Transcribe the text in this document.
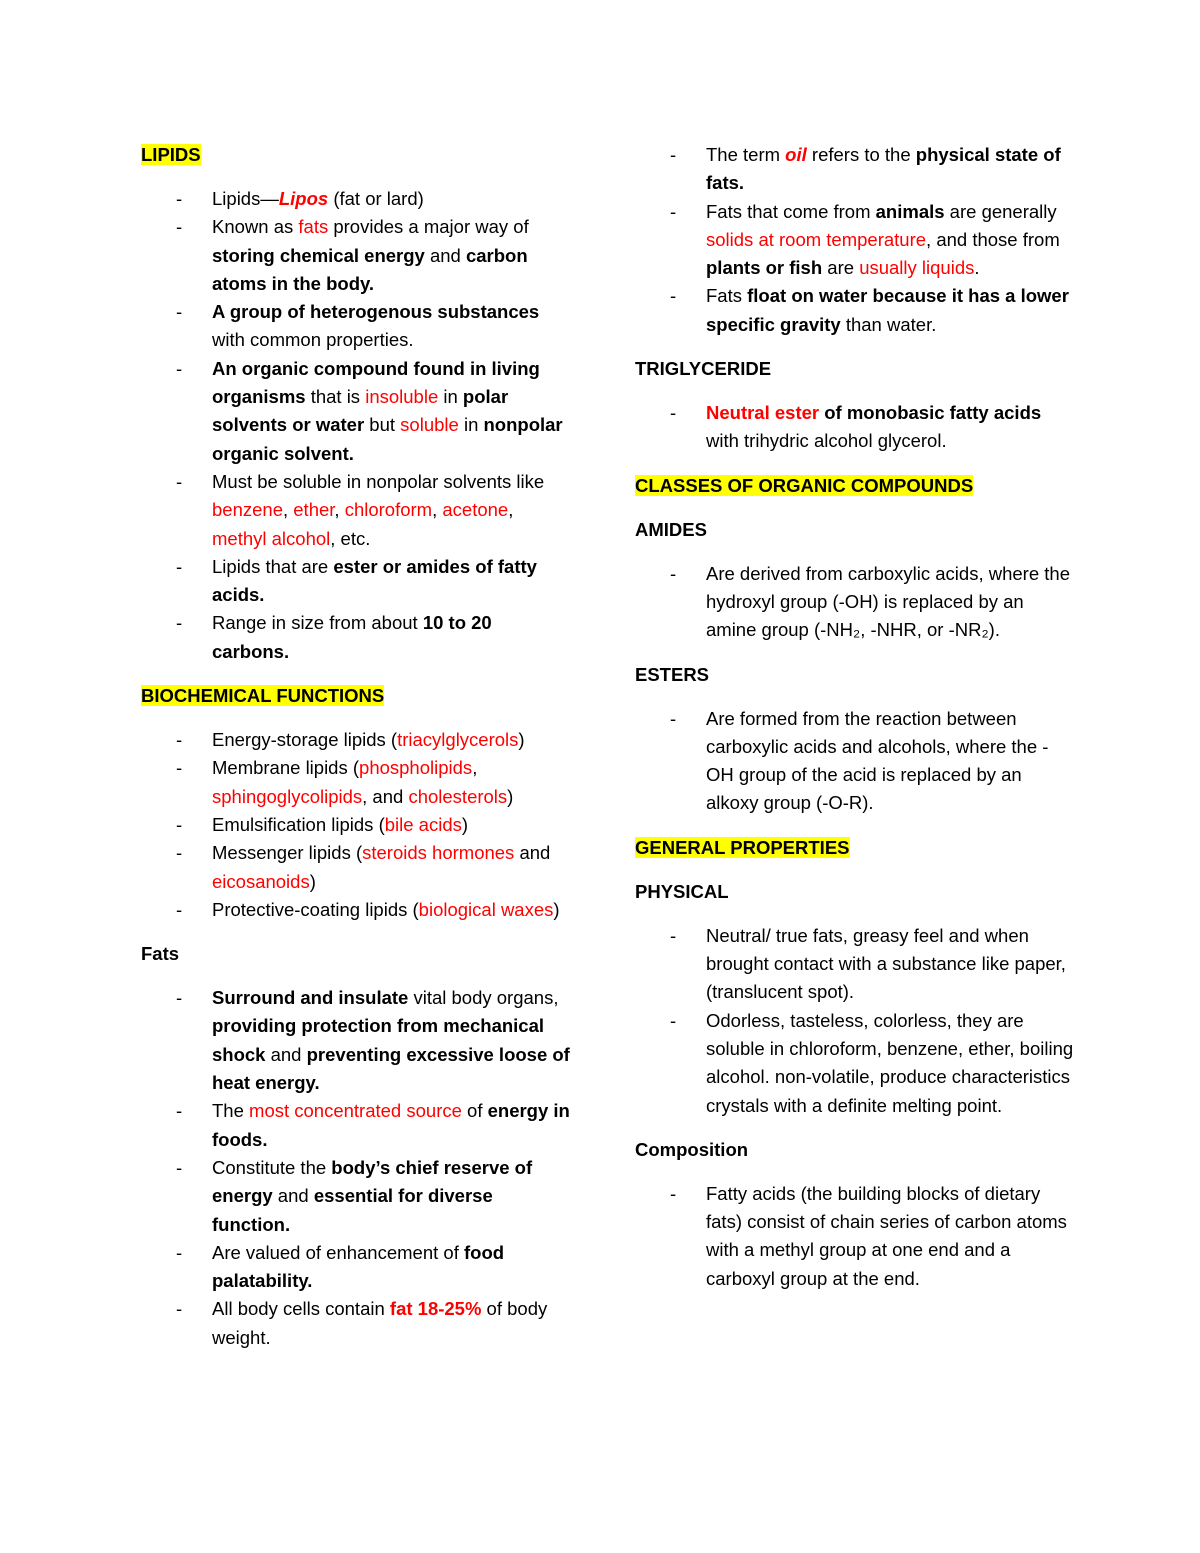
LIPIDS
- Lipids—Lipos (fat or lard)
- Known as fats provides a major way of storing chemical energy and carbon atoms in the body.
- A group of heterogenous substances with common properties.
- An organic compound found in living organisms that is insoluble in polar solvents or water but soluble in nonpolar organic solvent.
- Must be soluble in nonpolar solvents like benzene, ether, chloroform, acetone, methyl alcohol, etc.
- Lipids that are ester or amides of fatty acids.
- Range in size from about 10 to 20 carbons.
BIOCHEMICAL FUNCTIONS
- Energy-storage lipids (triacylglycerols)
- Membrane lipids (phospholipids, sphingoglycolipids, and cholesterols)
- Emulsification lipids (bile acids)
- Messenger lipids (steroids hormones and eicosanoids)
- Protective-coating lipids (biological waxes)
Fats
- Surround and insulate vital body organs, providing protection from mechanical shock and preventing excessive loose of heat energy.
- The most concentrated source of energy in foods.
- Constitute the body’s chief reserve of energy and essential for diverse function.
- Are valued of enhancement of food palatability.
- All body cells contain fat 18-25% of body weight.
- The term oil refers to the physical state of fats.
- Fats that come from animals are generally solids at room temperature, and those from plants or fish are usually liquids.
- Fats float on water because it has a lower specific gravity than water.
TRIGLYCERIDE
- Neutral ester of monobasic fatty acids with trihydric alcohol glycerol.
CLASSES OF ORGANIC COMPOUNDS
AMIDES
- Are derived from carboxylic acids, where the hydroxyl group (-OH) is replaced by an amine group (-NH₂, -NHR, or -NR₂).
ESTERS
- Are formed from the reaction between carboxylic acids and alcohols, where the -OH group of the acid is replaced by an alkoxy group (-O-R).
GENERAL PROPERTIES
PHYSICAL
- Neutral/ true fats, greasy feel and when brought contact with a substance like paper, (translucent spot).
- Odorless, tasteless, colorless, they are soluble in chloroform, benzene, ether, boiling alcohol. non-volatile, produce characteristics crystals with a definite melting point.
Composition
- Fatty acids (the building blocks of dietary fats) consist of chain series of carbon atoms with a methyl group at one end and a carboxyl group at the end.
